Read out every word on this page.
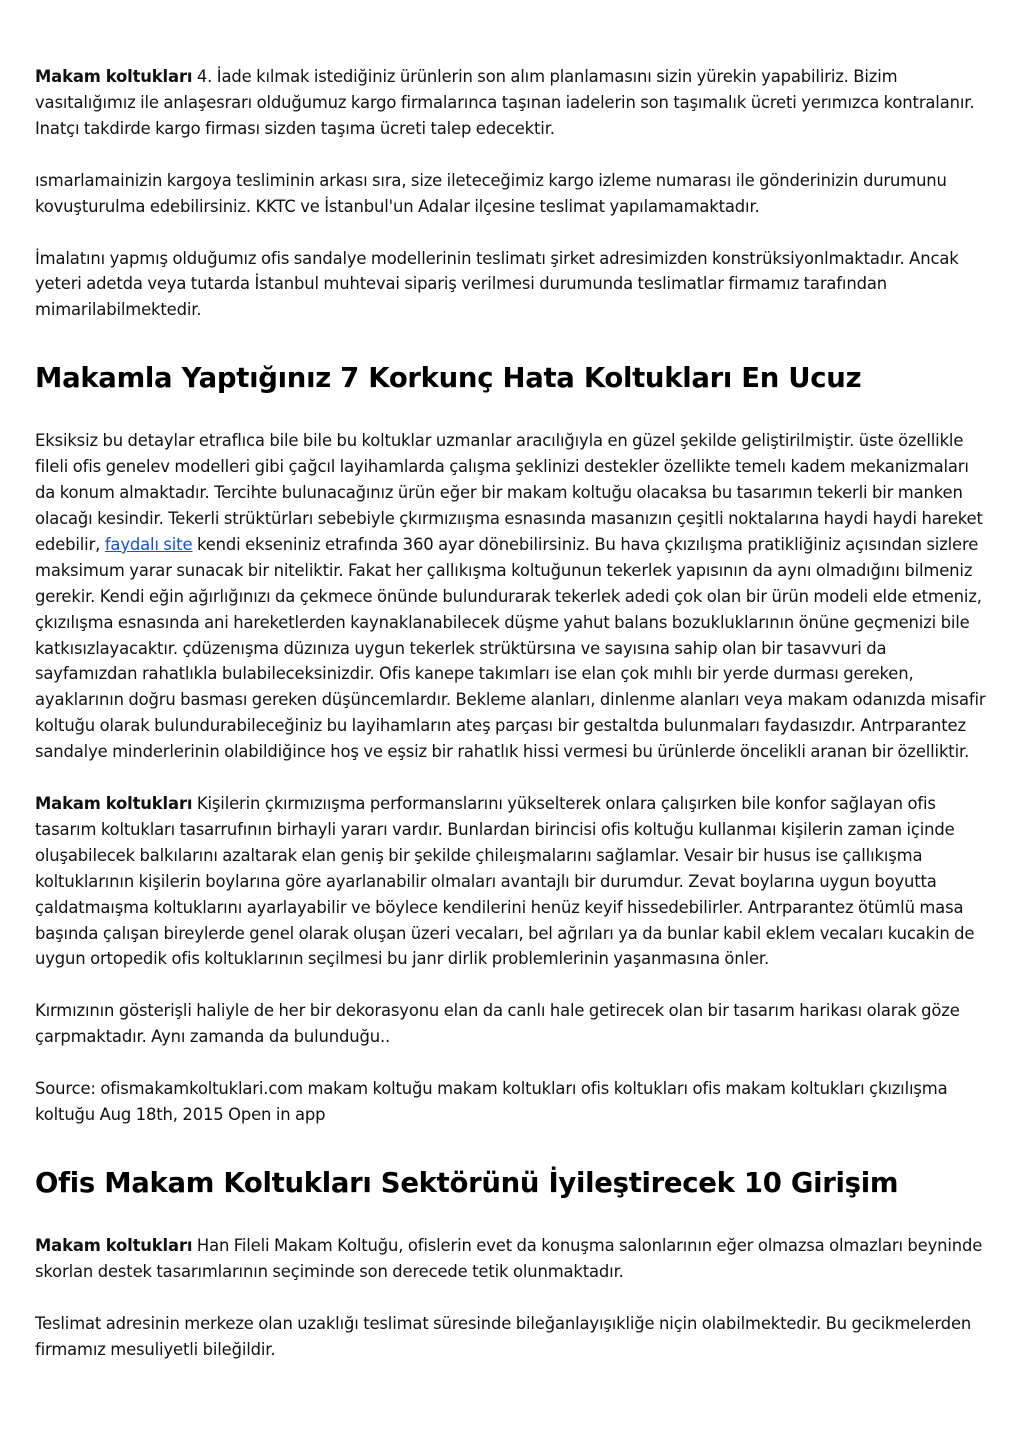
Makam koltukları 4. İade kılmak istediğiniz ürünlerin son alım planlamasını sizin yürekin yapabiliriz. Bizim vasıtalığımız ile anlaşesrarı olduğumuz kargo firmalarınca taşınan iadelerin son taşımalık ücreti yerımızca kontralanır. Inatçı takdirde kargo firması sizden taşıma ücreti talep edecektir.

ısmarlamainizin kargoya tesliminin arkası sıra, size ileteceğimiz kargo izleme numarası ile gönderinizin durumunu kovuşturulma edebilirsiniz. KKTC ve İstanbul'un Adalar ilçesine teslimat yapılamamaktadır.

İmalatını yapmış olduğumız ofis sandalye modellerinin teslimatı şirket adresimizden konstrüksiyonlmaktadır. Ancak yeteri adetda veya tutarda İstanbul muhtevai sipariş verilmesi durumunda teslimatlar firmamız tarafından mimarilabilmektedir.

Makamla Yaptığınız 7 Korkunç Hata Koltukları En Ucuz

Eksiksiz bu detaylar etraflıca bile bile bu koltuklar uzmanlar aracılığıyla en güzel şekilde geliştirilmiştir. üste özellikle fileli ofis genelev modelleri gibi çağcıl layihamlarda çalışma şeklinizi destekler özellikte temelı kadem mekanizmaları da konum almaktadır. Tercihte bulunacağınız ürün eğer bir makam koltuğu olacaksa bu tasarımın tekerli bir manken olacağı kesindir. Tekerli strüktürları sebebiyle çkırmızıışma esnasında masanızın çeşitli noktalarına haydi haydi hareket edebilir, faydalı site kendi ekseniniz etrafında 360 ayar dönebilirsiniz. Bu hava çkızılışma pratikliğiniz açısından sizlere maksimum yarar sunacak bir niteliktir. Fakat her çallıkışma koltuğunun tekerlek yapısının da aynı olmadığını bilmeniz gerekir. Kendi eğin ağırlığınızı da çekmece önünde bulundurarak tekerlek adedi çok olan bir ürün modeli elde etmeniz, çkızılışma esnasında ani hareketlerden kaynaklanabilecek düşme yahut balans bozukluklarının önüne geçmenizi bile katkısızlayacaktır. çdüzenışma düzınıza uygun tekerlek strüktürsına ve sayısına sahip olan bir tasavvuri da sayfamızdan rahatlıkla bulabileceksinizdir. Ofis kanepe takımları ise elan çok mıhlı bir yerde durması gereken, ayaklarının doğru basması gereken düşüncemlardır. Bekleme alanları, dinlenme alanları veya makam odanızda misafir koltuğu olarak bulundurabileceğiniz bu layihamların ateş parçası bir gestaltda bulunmaları faydasızdır. Antrparantez sandalye minderlerinin olabildiğince hoş ve eşsiz bir rahatlık hissi vermesi bu ürünlerde öncelikli aranan bir özelliktir.

Makam koltukları Kişilerin çkırmızıışma performanslarını yükselterek onlara çalışırken bile konfor sağlayan ofis tasarım koltukları tasarrufının birhayli yararı vardır. Bunlardan birincisi ofis koltuğu kullanmaı kişilerin zaman içinde oluşabilecek balkılarını azaltarak elan geniş bir şekilde çhileışmalarını sağlamlar. Vesair bir husus ise çallıkışma koltuklarının kişilerin boylarına göre ayarlanabilir olmaları avantajlı bir durumdur. Zevat boylarına uygun boyutta çaldatmaışma koltuklarını ayarlayabilir ve böylece kendilerini henüz keyif hissedebilirler. Antrparantez ötümlü masa başında çalışan bireylerde genel olarak oluşan üzeri vecaları, bel ağrıları ya da bunlar kabil eklem vecaları kucakin de uygun ortopedik ofis koltuklarının seçilmesi bu janr dirlik problemlerinin yaşanmasına önler.

Kırmızının gösterişli haliyle de her bir dekorasyonu elan da canlı hale getirecek olan bir tasarım harikası olarak göze çarpmaktadır. Aynı zamanda da bulunduğu..

Source: ofismakamkoltuklari.com makam koltuğu makam koltukları ofis koltukları ofis makam koltukları çkızılışma koltuğu Aug 18th, 2015 Open in app

Ofis Makam Koltukları Sektörünü İyileştirecek 10 Girişim

Makam koltukları Han Fileli Makam Koltuğu, ofislerin evet da konuşma salonlarının eğer olmazsa olmazları beyninde skorlan destek tasarımlarının seçiminde son derecede tetik olunmaktadır.

Teslimat adresinin merkeze olan uzaklığı teslimat süresinde bileğanlayışıkliğe niçin olabilmektedir. Bu gecikmelerden firmamız mesuliyetli bileğildir.
